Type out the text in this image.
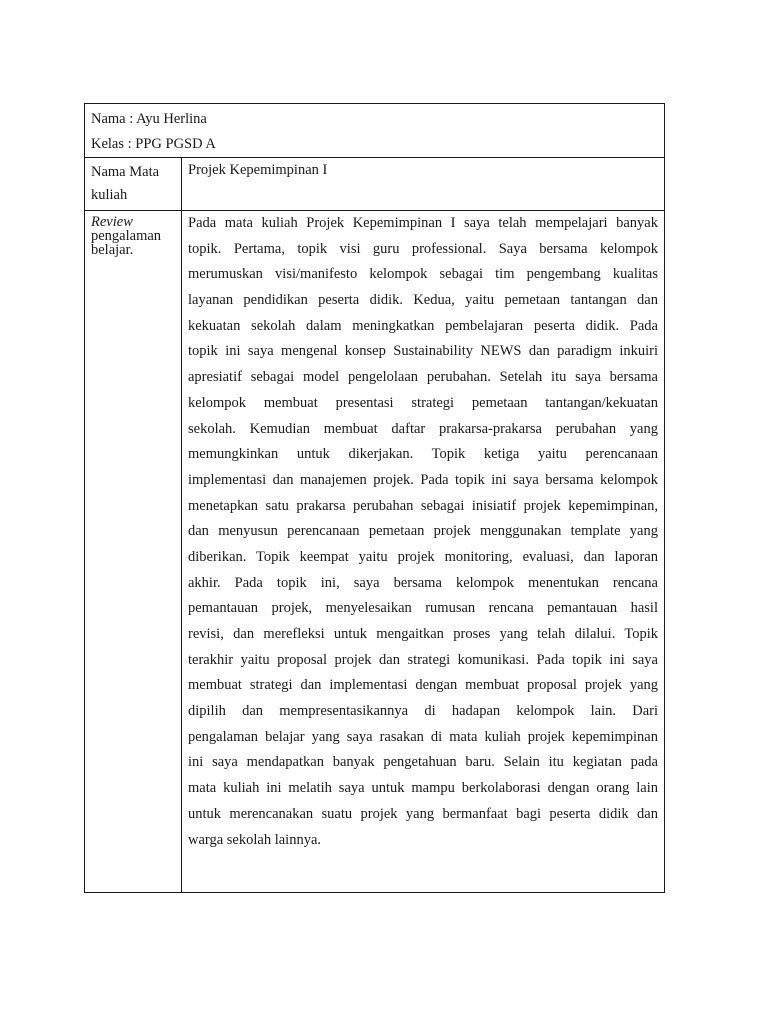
Nama : Ayu Herlina
Kelas : PPG PGSD A
Nama Mata
kuliah
Projek Kepemimpinan I
Review
pengalaman
belajar.
Pada mata kuliah Projek Kepemimpinan I saya telah mempelajari banyak
topik. Pertama, topik visi guru professional. Saya bersama kelompok
merumuskan visi/manifesto kelompok sebagai tim pengembang kualitas
layanan pendidikan peserta didik. Kedua, yaitu pemetaan tantangan dan
kekuatan sekolah dalam meningkatkan pembelajaran peserta didik. Pada
topik ini saya mengenal konsep Sustainability NEWS dan paradigm inkuiri
apresiatif sebagai model pengelolaan perubahan. Setelah itu saya bersama
kelompok membuat presentasi strategi pemetaan tantangan/kekuatan
sekolah. Kemudian membuat daftar prakarsa-prakarsa perubahan yang
memungkinkan untuk dikerjakan. Topik ketiga yaitu perencanaan
implementasi dan manajemen projek. Pada topik ini saya bersama kelompok
menetapkan satu prakarsa perubahan sebagai inisiatif projek kepemimpinan,
dan menyusun perencanaan pemetaan projek menggunakan template yang
diberikan. Topik keempat yaitu projek monitoring, evaluasi, dan laporan
akhir. Pada topik ini, saya bersama kelompok menentukan rencana
pemantauan projek, menyelesaikan rumusan rencana pemantauan hasil
revisi, dan merefleksi untuk mengaitkan proses yang telah dilalui. Topik
terakhir yaitu proposal projek dan strategi komunikasi. Pada topik ini saya
membuat strategi dan implementasi dengan membuat proposal projek yang
dipilih dan mempresentasikannya di hadapan kelompok lain. Dari
pengalaman belajar yang saya rasakan di mata kuliah projek kepemimpinan
ini saya mendapatkan banyak pengetahuan baru. Selain itu kegiatan pada
mata kuliah ini melatih saya untuk mampu berkolaborasi dengan orang lain
untuk merencanakan suatu projek yang bermanfaat bagi peserta didik dan
warga sekolah lainnya.
